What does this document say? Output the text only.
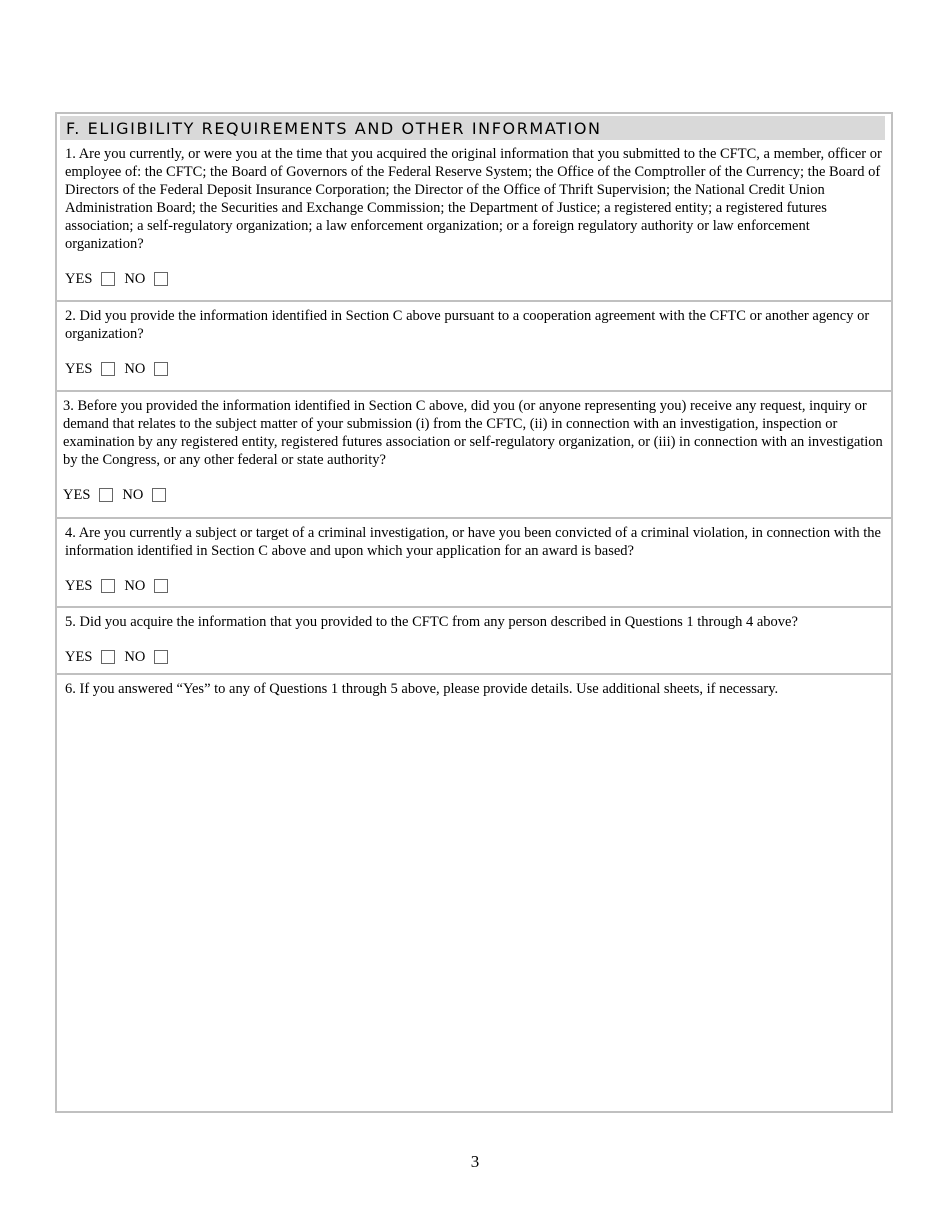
F. ELIGIBILITY REQUIREMENTS AND OTHER INFORMATION

1. Are you currently, or were you at the time that you acquired the original information that you submitted to the CFTC, a member, officer or employee of: the CFTC; the Board of Governors of the Federal Reserve System; the Office of the Comptroller of the Currency; the Board of Directors of the Federal Deposit Insurance Corporation; the Director of the Office of Thrift Supervision; the National Credit Union Administration Board; the Securities and Exchange Commission; the Department of Justice; a registered entity; a registered futures association; a self-regulatory organization; a law enforcement organization; or a foreign regulatory authority or law enforcement organization?

YES NO

2. Did you provide the information identified in Section C above pursuant to a cooperation agreement with the CFTC or another agency or organization?

YES NO

3. Before you provided the information identified in Section C above, did you (or anyone representing you) receive any request, inquiry or demand that relates to the subject matter of your submission (i) from the CFTC, (ii) in connection with an investigation, inspection or examination by any registered entity, registered futures association or self-regulatory organization, or (iii) in connection with an investigation by the Congress, or any other federal or state authority?

YES NO

4. Are you currently a subject or target of a criminal investigation, or have you been convicted of a criminal violation, in connection with the information identified in Section C above and upon which your application for an award is based?

YES NO

5. Did you acquire the information that you provided to the CFTC from any person described in Questions 1 through 4 above?

YES NO

6. If you answered “Yes” to any of Questions 1 through 5 above, please provide details. Use additional sheets, if necessary.

3
